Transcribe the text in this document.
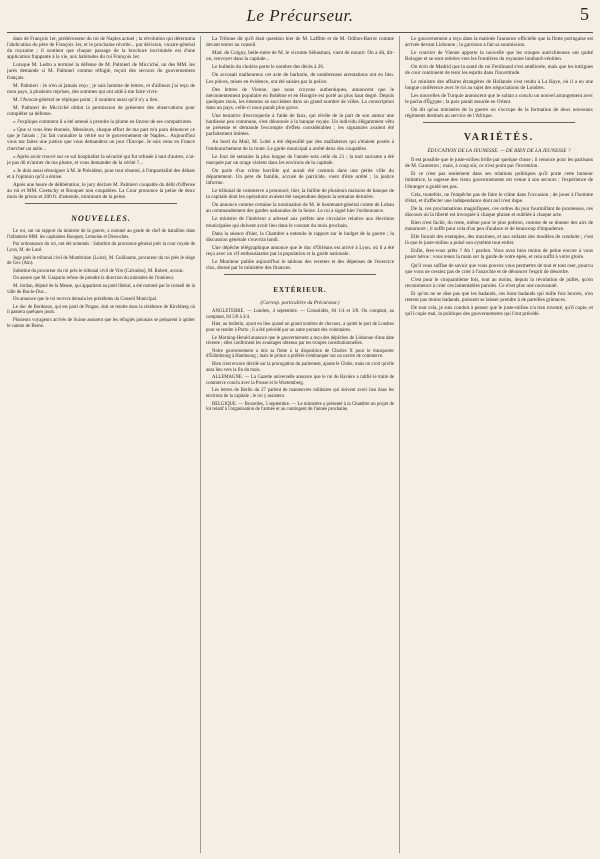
Le Précurseur.	5

dans de François 1er, prédécesseur du roi de Naples actuel ; la révolution qui détermina l'abdication du père de François 1er, et le prochaine révolte... par décision, vicaire-général du royaume ; il soutient que chaque passage de la brochure incriminée est d'une application frappante à la vie, aux habitudes du roi François 1er.

Lorsque M. Ledru a terminé la défense de M. Palmieri de Micciché, un des MM. les jurés demande si M. Palmieri comme réfugié, reçoit des secours du gouvernement français.

M. Palmieri : Je n'en ai jamais reçu ; je suis homme de lettres, et d'ailleurs j'ai reçu de mon pays, à plusieurs reprises, des sommes qui ont aidé à me faire vivre.

M. l'Avocat-général ne réplique point ; il soutient aussi qu'il n'y a lieu.

M. Palmieri de Micciché obtint la permission de présenter des observations pour compléter sa défense.

« J'explique comment il a été amené à prendre la plume en faveur de ses compatriotes.

« Que si vous êtes étonnés, Messieurs, chaque effort de ma part m'a paru dénoncer ce que je faisais ; j'ai fait connaître la vérité sur le gouvernement de Naples... Aujourd'hui vous me faites une justice que vous demandera un jour l'Europe. Je suis venu en France chercher un asile...

« Après avoir trouvé sur ce sol hospitalier la sécurité qui fut refusée à tant d'autres, n'ai-je pas dû m'armer de ma plume, et vous demander de la vérité ?...

« Je dois aussi témoigner à M. le Président, pour tout résumé, à l'impartialité des débats et à l'opinion qu'il a émise.

Après une heure de délibération, le jury déclare M. Palmieri coupable du délit d'offense au roi et MM. Goetschy et Bouquet non coupables. La Cour prononce la peine de deux mois de prison et 200 fr. d'amende, minimum de la peine.

NOUVELLES.

Le roi, sur un rapport du ministre de la guerre, a nommé au grade de chef de bataillon dans l'infanterie MM. les capitaines Bouquet, Lemoine et Desroches.

Par ordonnance du roi, ont été nommés : Substitut du procureur-général près la cour royale de Lyon, M. de Lucé.

Juge près le tribunal civil de Montbrison (Loire), M. Guillaume, procureur du roi près le siège de Gex (Ain).

Substitut du procureur du roi près le tribunal civil de Vire (Calvados), M. Robert, avocat.

On assure que M. Gasparin refuse de prendre la direction du ministère de l'intérieur.

M. Jordan, député de la Meuse, qui appartient au parti libéral, a été nommé par le conseil de la ville de Bar-le-Duc...

On annonce que le roi recevra demain les présidents du Conseil Municipal.

Le duc de Bordeaux, qui est parti de Prague, doit se rendre dans la résidence de Kirchberg où il passera quelques jours.

Plusieurs voyageurs arrivés de Suisse assurent que les réfugiés polonais se préparent à quitter le canton de Berne.

La Tribune dit qu'il était question hier de M. Laffitte et de M. Odilon-Barrot comme devant entrer au conseil.

Mad. de Coigny, belle-mère de M. le vicomte Sébastiani, vient de mourir. On a dû, dit-on, renvoyer dans la capitale...

Le bulletin du choléra porte le nombre des décès à 26.

On accusait malheureux cet acte de barbarie, de nombreuses arrestations ont eu lieu. Les pièces, mises en évidence, ont été saisies par la police.

Des lettres de Vienne, que nous croyons authentiques, annoncent que le mécontentement populaire en Bohême et en Hongrie est porté au plus haut degré. Depuis quelques mois, les émeutes se succèdent dans un grand nombre de villes. La conscription dans un pays, celle-ci nous paraît plus grave.

Une tentative d'escroquerie à l'aide de faux, qui révèle de la part de son auteur une hardiesse peu commune, s'est dénoncée à la banque royale. Un individu élégamment vêtu se présente et demande l'escompte d'effets considérables ; les signatures avaient été parfaitement imitées.

Au bord du Mail, M. Lobé a été dépouillé par des malfaiteurs qui s'étaient postés à l'embranchement de la route. Le garde municipal a arrêté deux des coupables.

Le Jour de semaine la plus longue de l'année sera celle du 21 ; la nuit suivante a été marquée par un orage violent dans les environs de la capitale.

On parle d'un crime horrible qui aurait été commis dans une petite ville du département. Un père de famille, accusé de parricide, vient d'être arrêté ; la justice informe.

Le tribunal de commerce a prononcé, hier, la faillite de plusieurs maisons de banque de la capitale dont les opérations avaient été suspendues depuis la semaine dernière.

On annonce comme certaine la nomination de M. le lieutenant-général comte de Lobau au commandement des gardes nationales de la Seine. Le roi a signé hier l'ordonnance.

Le ministre de l'intérieur a adressé aux préfets une circulaire relative aux élections municipales qui doivent avoir lieu dans le courant du mois prochain.

Dans la séance d'hier, la Chambre a entendu le rapport sur le budget de la guerre ; la discussion générale s'ouvrira lundi.

Une dépêche télégraphique annonce que le duc d'Orléans est arrivé à Lyon, où il a été reçu avec un vif enthousiasme par la population et la garde nationale.

Le Moniteur publie aujourd'hui le tableau des recettes et des dépenses de l'exercice clos, dressé par le ministère des finances.

EXTÉRIEUR.
(Corresp. particulière du Précurseur.)

ANGLETERRE. — Londres, 4 septembre. — Consolidés, 84 1/4 et 3/8. On comptait, au comptant, 84 5/8 à 3/4.

Hier, au bulletin, ayant eu lieu quand un grand nombre de chevaux, a quitté le port de Londres pour se rendre à Porto ; il a été précédé par un autre portant des volontaires.

Le Morning-Herald annonce que le gouvernement a reçu des dépêches de Lisbonne d'une date récente ; elles confirment les avantages obtenus par les troupes constitutionnelles.

Notre gouvernement a mis sa flotte à la disposition de Charles X pour le transporter d'Édimbourg à Hambourg ; mais le prince a préféré s'embarquer sur un navire de commerce.

Bien n'est encore décidé sur la prorogation du parlement, ajoute le Globe, mais on croit qu'elle aura lieu vers la fin du mois.

ALLEMAGNE. — La Gazette universelle annonce que le roi de Bavière a ratifié le traité de commerce conclu avec la Prusse et le Wurtemberg.

Les lettres de Berlin du 27 parlent de manœuvres militaires qui doivent avoir lieu dans les environs de la capitale ; le roi y assistera.

BELGIQUE. — Bruxelles, 5 septembre. — Le ministère a présenté à la Chambre un projet de loi relatif à l'organisation de l'armée et au contingent de l'année prochaine.

Le gouvernement a reçu dans la matinée l'annonce officielle que la flotte portugaise est arrivée devant Lisbonne ; la garnison a fait sa soumission.

Le courrier de Vienne apporte la nouvelle que les troupes autrichiennes ont quitté Bologne et se sont retirées vers les frontières du royaume lombard-vénitien.

On écrit de Madrid que la santé du roi Ferdinand s'est améliorée, mais que les intrigues de cour continuent de tenir les esprits dans l'incertitude.

Le ministre des affaires étrangères de Hollande s'est rendu à La Haye, où il a eu une longue conférence avec le roi au sujet des négociations de Londres.

Les nouvelles de Turquie annoncent que le sultan a conclu un nouvel arrangement avec le pacha d'Égypte ; la paix paraît assurée en Orient.

On dit qu'au ministère de la guerre on s'occupe de la formation de deux nouveaux régiments destinés au service de l'Afrique.

VARIÉTÉS.
ÉDUCATION DE LA JEUNESSE. — DE RIEN DE LA JEUNESSE ?

Il est possible que le juste-milieu brille par quelque chose ; il renonce pour les partisans de M. Ganneron ; mais, à coup sûr, ce n'est point par l'invention.

Et ce n'est pas seulement dans ses relations politiques qu'il porte cette humeur imitatrice, la sagesse des vieux gouvernements est venue à son secours ; l'expérience de l'étranger a guidé ses pas.

Cela, toutefois, ne l'empêche pas de faire le crâne dans l'occasion ; de jouer à l'homme d'état, et d'affecter une indépendance dont nul n'est dupe.

De là, ces proclamations magnifiques, ces ordres du jour fourmillant de promesses, ces discours où la liberté est invoquée à chaque phrase et oubliée à chaque acte.

Bien n'est facile, du reste, même pour le plus poltron, comme de se donner des airs de matamore ; il suffit pour cela d'un peu d'audace et de beaucoup d'impudence.

Elle fournit des exemples, des maximes, et aux enfants des modèles de conduite ; c'est là que le juste-milieu a puisé son système tout entier.

Enfin, êtes-vous prêts ? Ah ! pardon. Vous avez bien moins de peine encore à vous poser héros : vous tenez la main sur la garde de votre épée, et cela suffit à votre gloire.

Qu'il vous suffise de savoir que vous pouvez vous permettre de tout et tout oser, pourvu que vous ne cessiez pas de crier à l'anarchie et de dénoncer l'esprit de désordre.

C'est pour le cinquantième fois, tout au moins, depuis la révolution de juillet, qu'on recommence à crier ces lamentables paroles. Ce n'est plus une nouveauté.

Et qu'on ne se dise pas que les badauds, ces bons badauds qui mille fois leurrés, n'en restent pas moins badauds, puissent se laisser prendre à de pareilles grimaces.

De tout cela, je suis conduit à penser que le juste-milieu n'a rien inventé, qu'il copie, et qu'il copie mal, la politique des gouvernements qui l'ont précédé.
